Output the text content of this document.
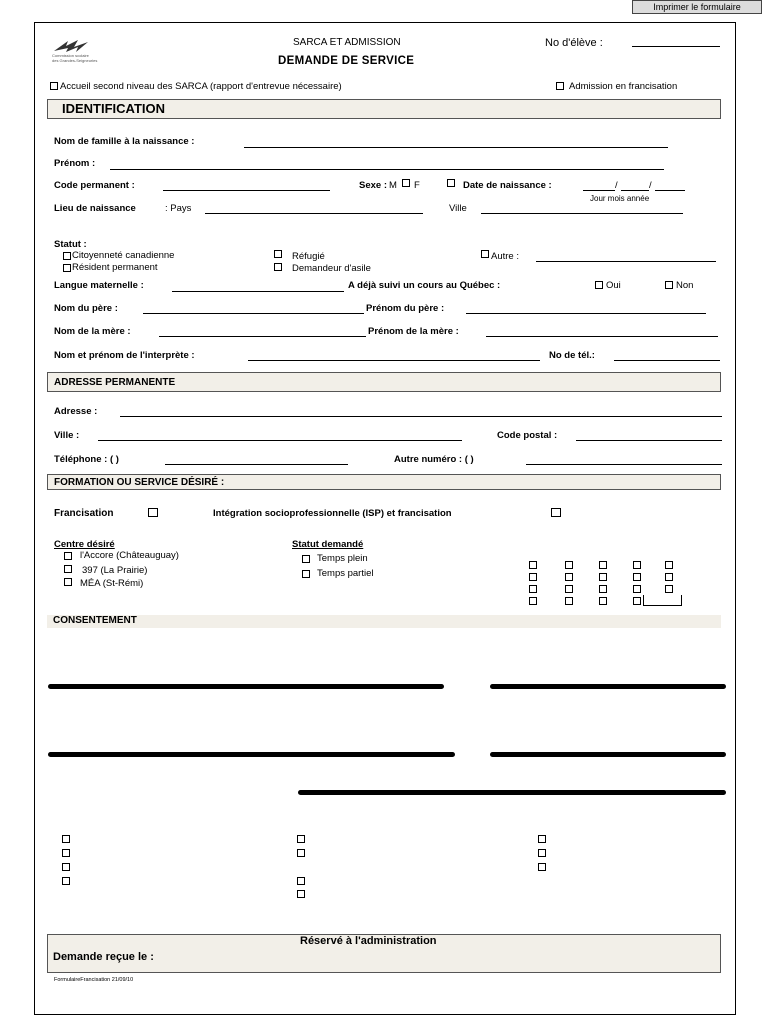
Imprimer le formulaire
Commission scolaire
des Grandes-Seigneuries
SARCA ET ADMISSION
DEMANDE DE SERVICE
No d'élève :
Accueil second niveau des SARCA (rapport d'entrevue nécessaire)	Admission en francisation
IDENTIFICATION
Nom de famille à la naissance :
Prénom :
Code permanent :	Sexe : M F	Date de naissance :	/	/
Jour mois année
Lieu de naissance	: Pays	Ville
Statut :
Citoyenneté canadienne
Résident permanent
Réfugié
Demandeur d'asile
Autre :
Langue maternelle :	A déjà suivi un cours au Québec :	Oui	Non
Nom du père :	Prénom du père :
Nom de la mère :	Prénom de la mère :
Nom et prénom de l'interprète :	No de tél.:
ADRESSE PERMANENTE
Adresse :
Ville :	Code postal :
Téléphone : ( )	Autre numéro : ( )
FORMATION OU SERVICE DÉSIRÉ :
Francisation	Intégration socioprofessionnelle (ISP) et francisation
Centre désiré
l'Accore (Châteauguay)
397 (La Prairie)
MÉA (St-Rémi)
Statut demandé
Temps plein
Temps partiel
CONSENTEMENT
Réservé à l'administration
Demande reçue le :
FormulaireFrancisation 21/09/10
